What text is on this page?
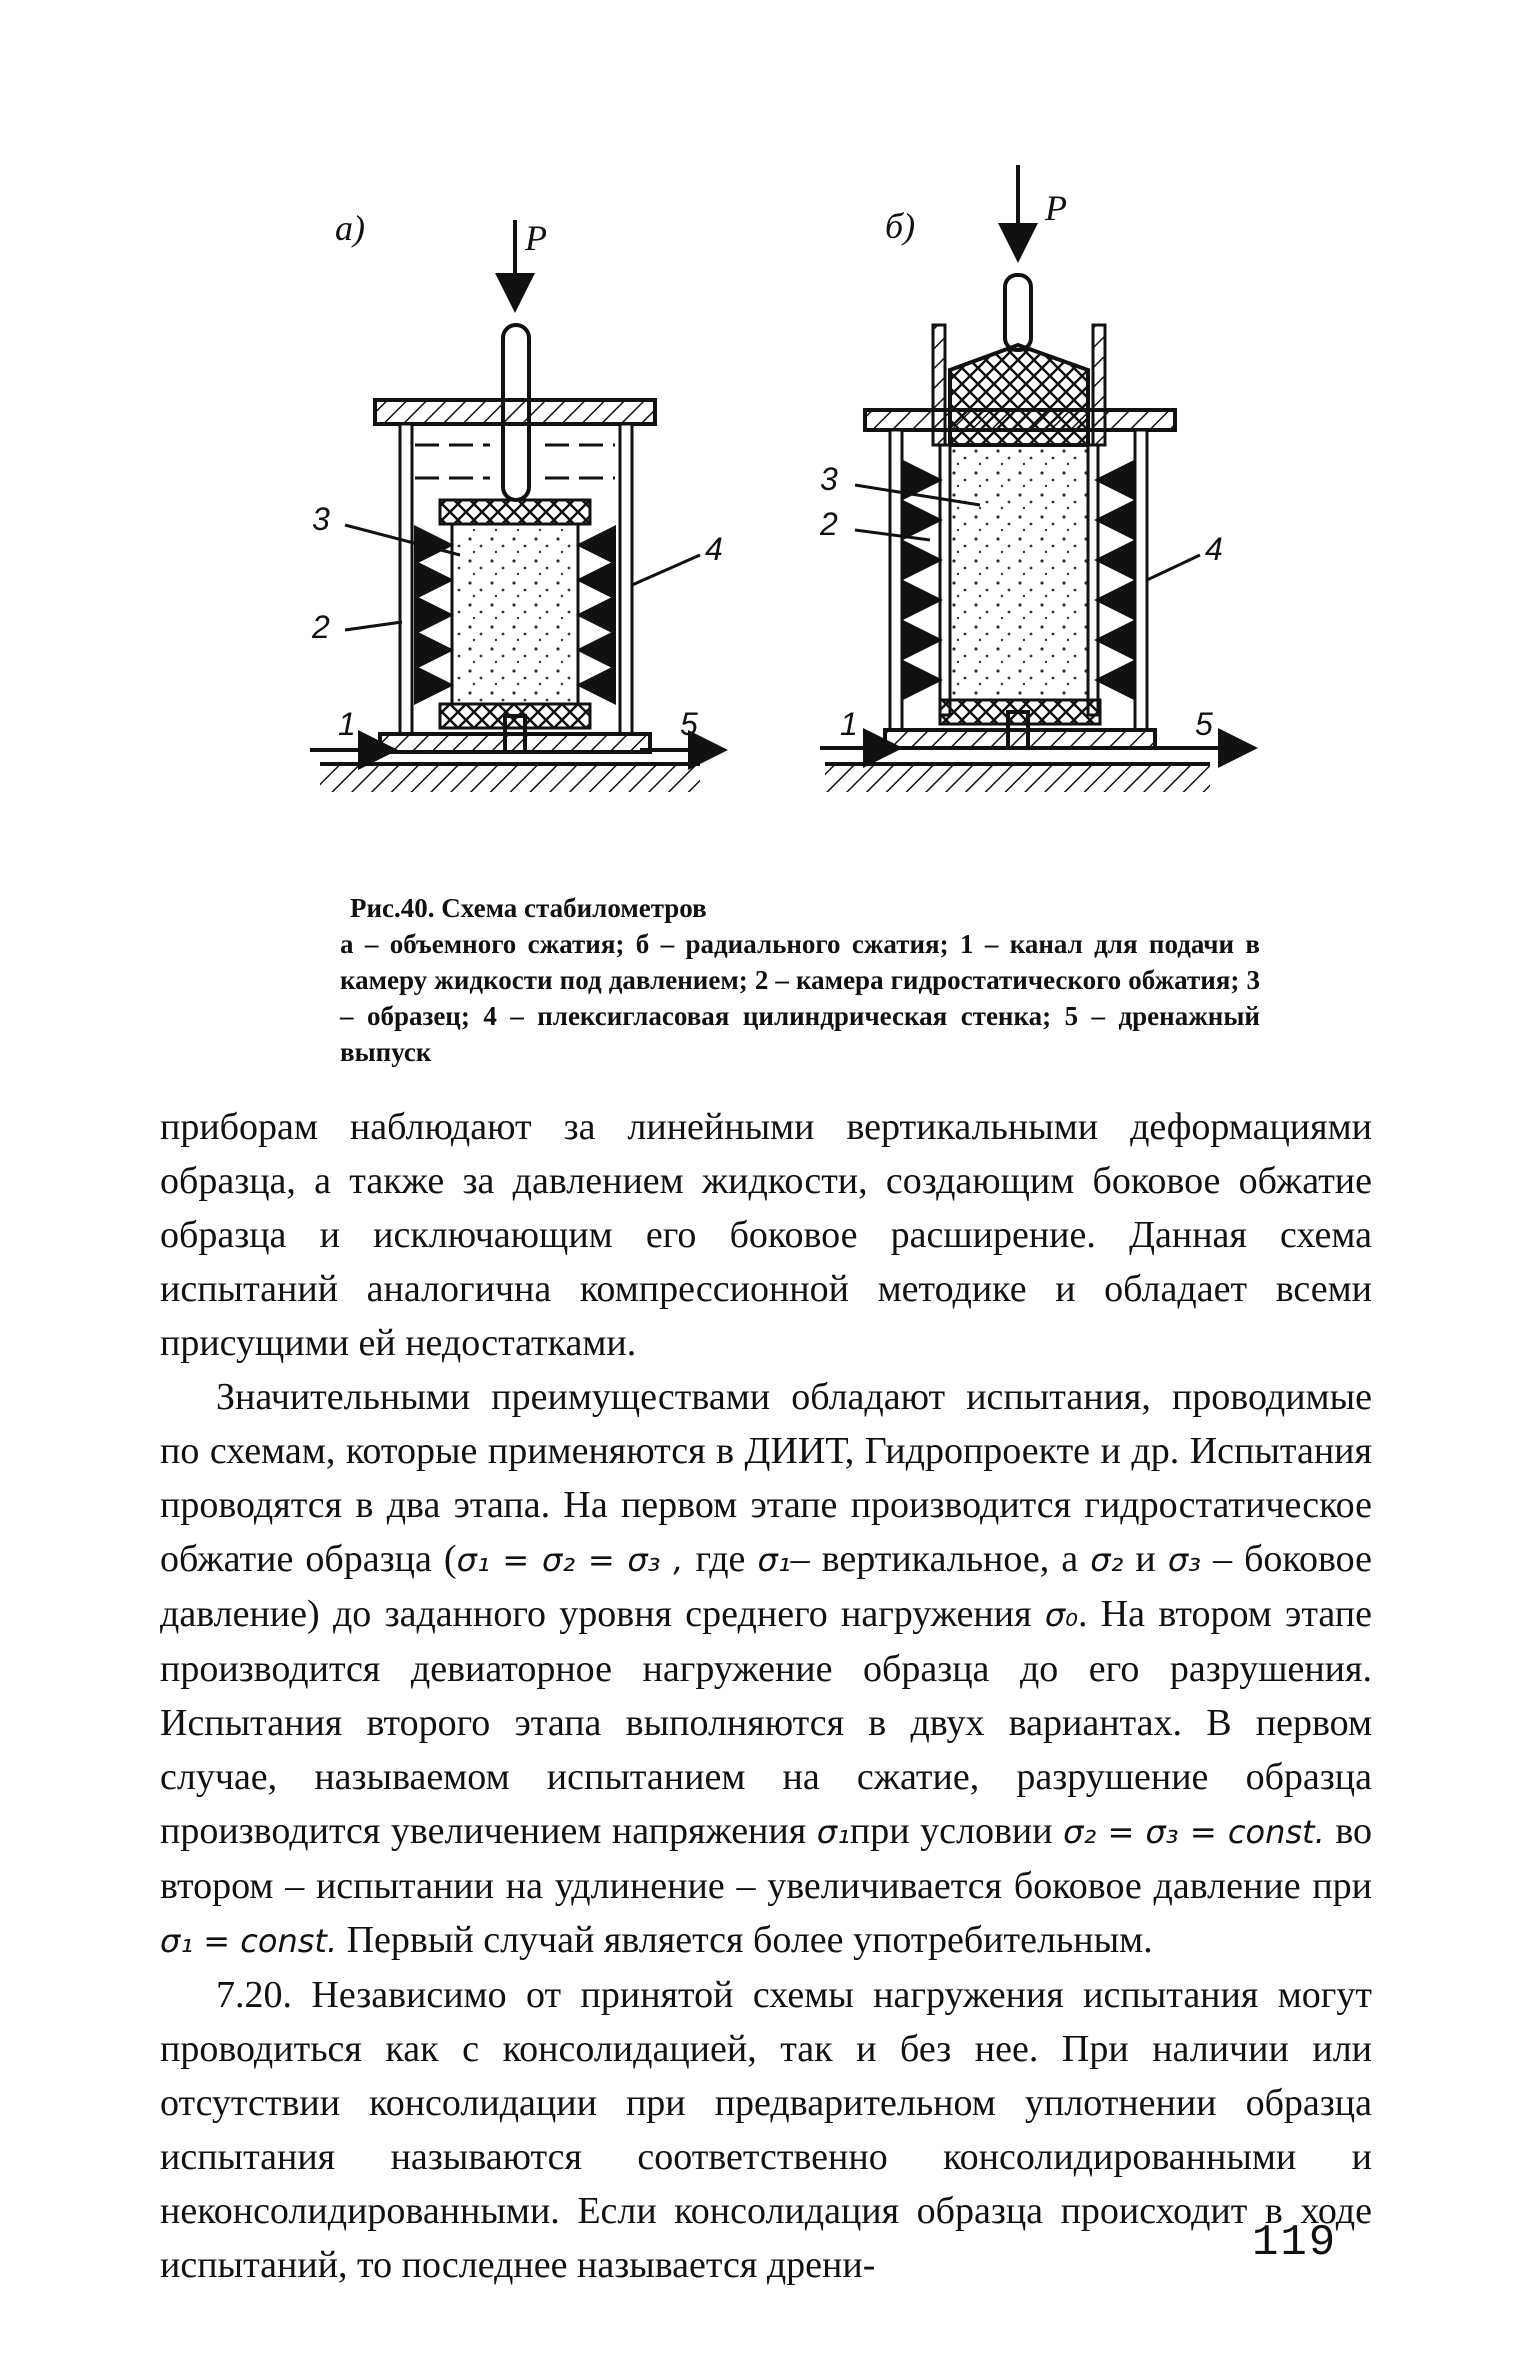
а)	P
3
2
4
1	5
б)	P
3
2
4
1	5
Рис.40. Схема стабилометров
а – объемного сжатия; б – радиального сжатия; 1 – канал для подачи в камеру жидкости под давлением; 2 – камера гидростатического обжатия; 3 – образец; 4 – плексигласовая цилиндрическая стенка; 5 – дренажный выпуск

приборам наблюдают за линейными вертикальными деформациями образца, а также за давлением жидкости, создающим боковое обжатие образца и исключающим его боковое расширение. Данная схема испытаний аналогична компрессионной методике и обладает всеми присущими ей недостатками.

Значительными преимуществами обладают испытания, проводимые по схемам, которые применяются в ДИИТ, Гидропроекте и др. Испытания проводятся в два этапа. На первом этапе производится гидростатическое обжатие образца (σ₁ = σ₂ = σ₃ , где σ₁– вертикальное, а σ₂ и σ₃ – боковое давление) до заданного уровня среднего нагружения σ₀. На втором этапе производится девиаторное нагружение образца до его разрушения. Испытания второго этапа выполняются в двух вариантах. В первом случае, называемом испытанием на сжатие, разрушение образца производится увеличением напряжения σ₁при условии σ₂ = σ₃ = const. во втором – испытании на удлинение – увеличивается боковое давление при σ₁ = const. Первый случай является более употребительным.

7.20. Независимо от принятой схемы нагружения испытания могут проводиться как с консолидацией, так и без нее. При наличии или отсутствии консолидации при предварительном уплотнении образца испытания называются соответственно консолидированными и неконсолидированными. Если консолидация образца происходит в ходе испытаний, то последнее называется дрени-	119
